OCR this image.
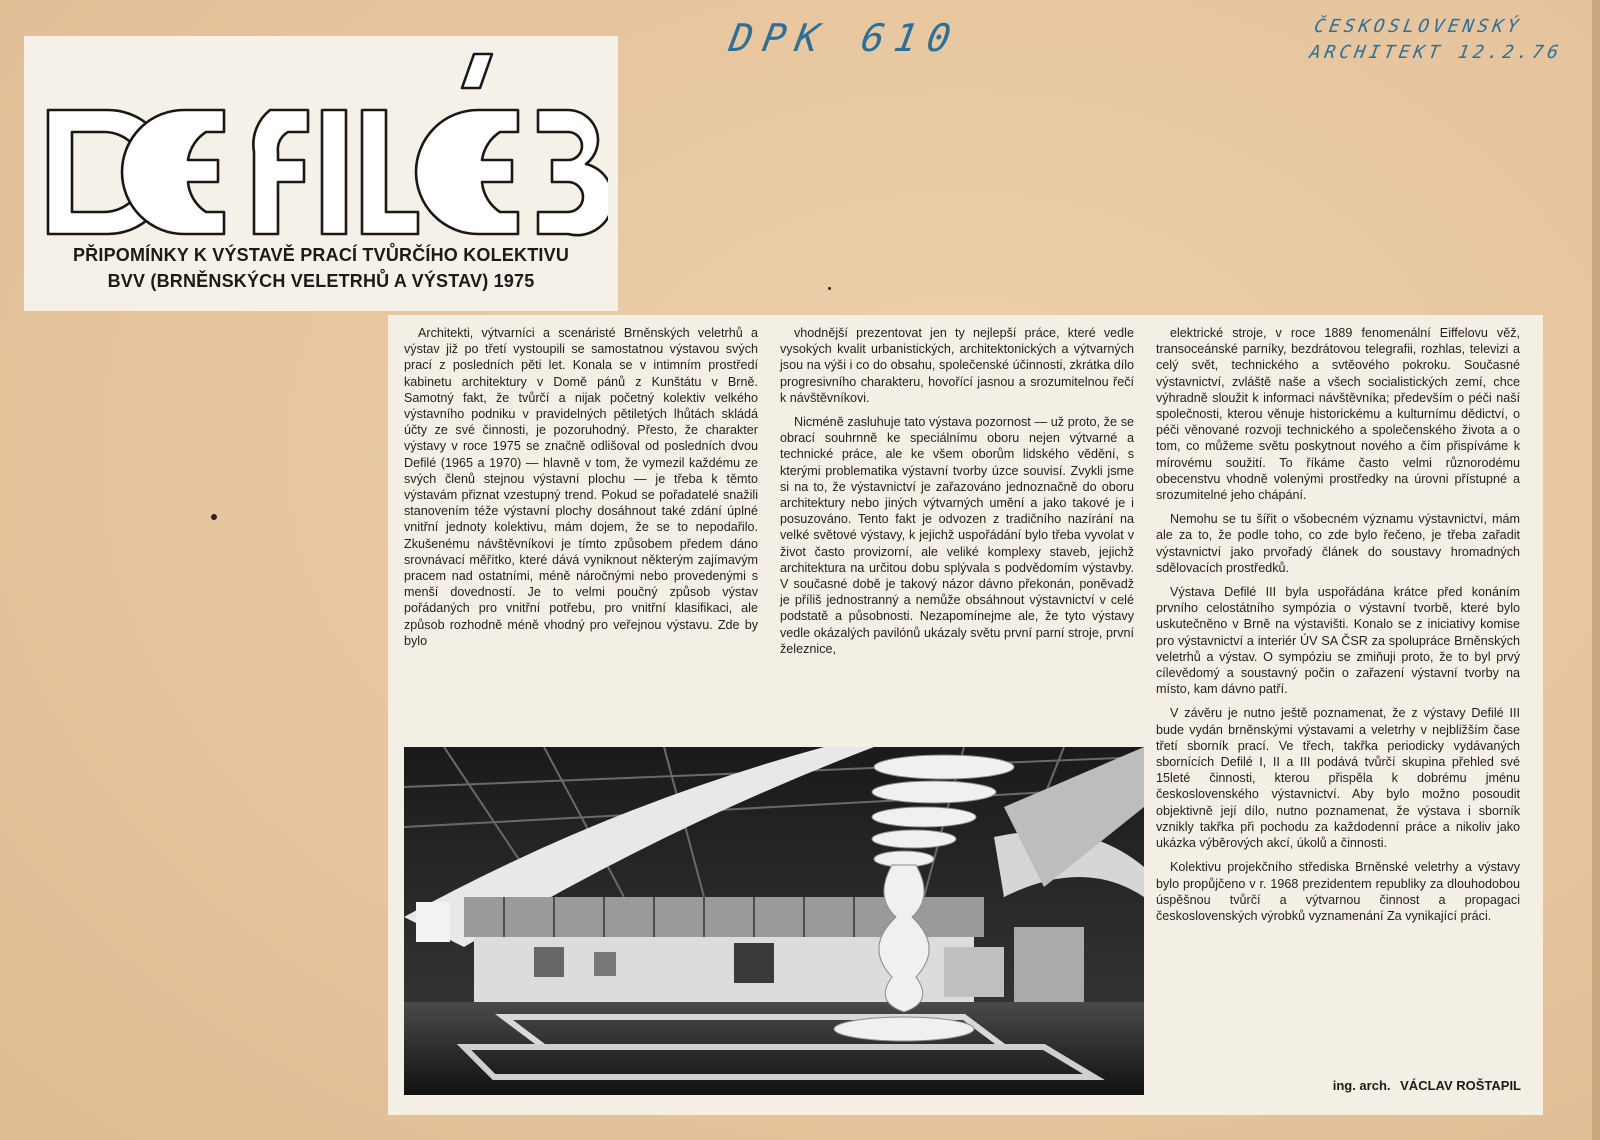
DPK 610	ČESKOSLOVENSKÝ
ARCHITEKT 12.2.76
PŘIPOMÍNKY K VÝSTAVĚ PRACÍ TVŮRČÍHO KOLEKTIVU
BVV (BRNĚNSKÝCH VELETRHŮ A VÝSTAV) 1975

Architekti, výtvarníci a scenáristé Brněnských veletrhů a výstav již po třetí vystoupili se samostatnou výstavou svých prací z posledních pěti let. Konala se v intimním prostředí kabinetu architektury v Domě pánů z Kunštátu v Brně. Samotný fakt, že tvůrčí a nijak početný kolektiv velkého výstavního podniku v pravidelných pětiletých lhůtách skládá účty ze své činnosti, je pozoruhodný. Přesto, že charakter výstavy v roce 1975 se značně odlišoval od posledních dvou Defilé (1965 a 1970) — hlavně v tom, že vymezil každému ze svých členů stejnou výstavní plochu — je třeba k těmto výstavám přiznat vzestupný trend. Pokud se pořadatelé snažili stanovením téže výstavní plochy dosáhnout také zdání úplné vnitřní jednoty kolektivu, mám dojem, že se to nepodařilo. Zkušenému návštěvníkovi je tímto způsobem předem dáno srovnávací měřítko, které dává vyniknout některým zajímavým pracem nad ostatními, méně náročnými nebo provedenými s menší dovedností. Je to velmi poučný způsob výstav pořádaných pro vnitřní potřebu, pro vnitřní klasifikaci, ale způsob rozhodně méně vhodný pro veřejnou výstavu. Zde by bylo

vhodnější prezentovat jen ty nejlepší práce, které vedle vysokých kvalit urbanistických, architektonických a výtvarných jsou na výši i co do obsahu, společenské účinnosti, zkrátka dílo progresivního charakteru, hovořící jasnou a srozumitelnou řečí k návštěvníkovi.

Nicméně zasluhuje tato výstava pozornost — už proto, že se obrací souhrnně ke speciálnímu oboru nejen výtvarné a technické práce, ale ke všem oborům lidského vědění, s kterými problematika výstavní tvorby úzce souvisí. Zvykli jsme si na to, že výstavnictví je zařazováno jednoznačně do oboru architektury nebo jiných výtvarných umění a jako takové je i posuzováno. Tento fakt je odvozen z tradičního nazírání na velké světové výstavy, k jejichž uspořádání bylo třeba vyvolat v život často provizorní, ale veliké komplexy staveb, jejichž architektura na určitou dobu splývala s podvědomím výstavby. V současné době je takový názor dávno překonán, poněvadž je příliš jednostranný a nemůže obsáhnout výstavnictví v celé podstatě a působnosti. Nezapomínejme ale, že tyto výstavy vedle okázalých pavilónů ukázaly světu první parní stroje, první železnice,

elektrické stroje, v roce 1889 fenomenální Eiffelovu věž, transoceánské parníky, bezdrátovou telegrafii, rozhlas, televizi a celý svět, technického a svtěového pokroku. Současné výstavnictví, zvláště naše a všech socialistických zemí, chce výhradně sloužit k informaci návštěvníka; především o péči naší společnosti, kterou věnuje historickému a kulturnímu dědictví, o péči věnované rozvoji technického a společenského života a o tom, co můžeme světu poskytnout nového a čím přispíváme k mírovému soužití. To říkáme často velmi různorodému obecenstvu vhodně volenými prostředky na úrovni přístupné a srozumitelné jeho chápání.

Nemohu se tu šířit o všobecném významu výstavnictví, mám ale za to, že podle toho, co zde bylo řečeno, je třeba zařadit výstavnictví jako prvořadý článek do soustavy hromadných sdělovacích prostředků.

Výstava Defilé III byla uspořádána krátce před konáním prvního celostátního sympózia o výstavní tvorbě, které bylo uskutečněno v Brně na výstavišti. Konalo se z iniciativy komise pro výstavnictví a interiér ÚV SA ČSR za spolupráce Brněnských veletrhů a výstav. O sympóziu se zmiňuji proto, že to byl prvý cílevědomý a soustavný počin o zařazení výstavní tvorby na místo, kam dávno patří.

V závěru je nutno ještě poznamenat, že z výstavy Defilé III bude vydán brněnskými výstavami a veletrhy v nejbližším čase třetí sborník prací. Ve třech, takřka periodicky vydávaných sbornících Defilé I, II a III podává tvůrčí skupina přehled své 15leté činnosti, kterou přispěla k dobrému jménu československého výstavnictví. Aby bylo možno posoudit objektivně její dílo, nutno poznamenat, že výstava i sborník vznikly takřka při pochodu za každodenní práce a nikoliv jako ukázka výběrových akcí, úkolů a činnosti.

Kolektivu projekčního střediska Brněnské veletrhy a výstavy bylo propůjčeno v r. 1968 prezidentem republiky za dlouhodobou úspěšnou tvůrčí a výtvarnou činnost a propagaci československých výrobků vyznamenání Za vynikající práci.

ing. arch. VÁCLAV ROŠTAPIL
